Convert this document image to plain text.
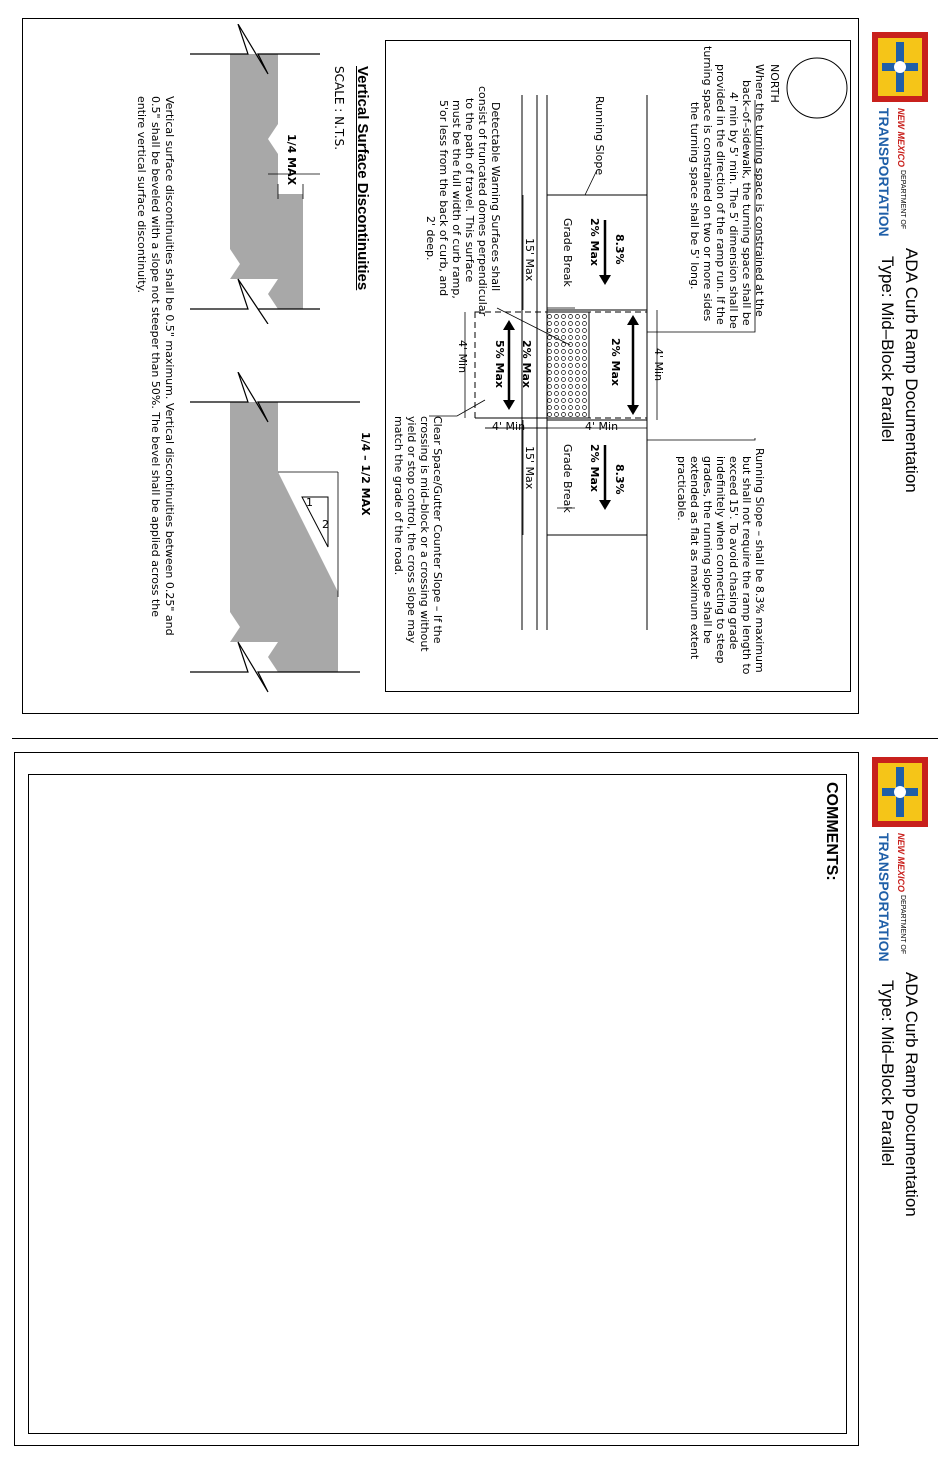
NEW MEXICO
DEPARTMENT OF
TRANSPORTATION
ADA Curb Ramp Documentation
Type: Mid–Block Parallel
NORTH
Where the turning space is constrained at the
back–of–sidewalk, the turning space shall be
4' min by 5' min. The 5' dimension shall be
provided in the direction of the ramp run. If the
turning space is constrained on two or more sides
the turning space shall be 5' long.
Running Slope
Running Slope – shall be 8.3% maximum
but shall not require the ramp length to
exceed 15'. To avoid chasing grade
indefinitely when connecting to steep
grades, the running slope shall be
extended as flat as maximum extent
practicable.
Detectable Warning Surfaces shall
consist of truncated domes perpendicular
to the path of travel. This surface
must be the full width of curb ramp,
5'or less from the back of curb, and
2' deep.
Clear Space/Gutter Counter Slope – If the
crossing is mid–block or a crossing without
yield or stop control, the cross slope may
match the grade of the road.
8.3%
2% Max
8.3%
2% Max
2% Max
2% Max
5% Max
Grade Break
Grade Break
15' Max
15' Max
4' Min
4' Min
4' Min	4' Min
Vertical Surface Discontinuities
SCALE : N.T.S.
1/4 MAX
1/4 – 1/2 MAX
1
2
Vertical surface discontinuities shall be 0.5" maximum. Vertical discontinuities between 0.25" and
0.5" shall be beveled with a slope not steeper than 50%. The bevel shall be applied across the
entire vertical surface discontinuity.
NEW MEXICO
DEPARTMENT OF
TRANSPORTATION
ADA Curb Ramp Documentation
Type: Mid–Block Parallel
COMMENTS:
